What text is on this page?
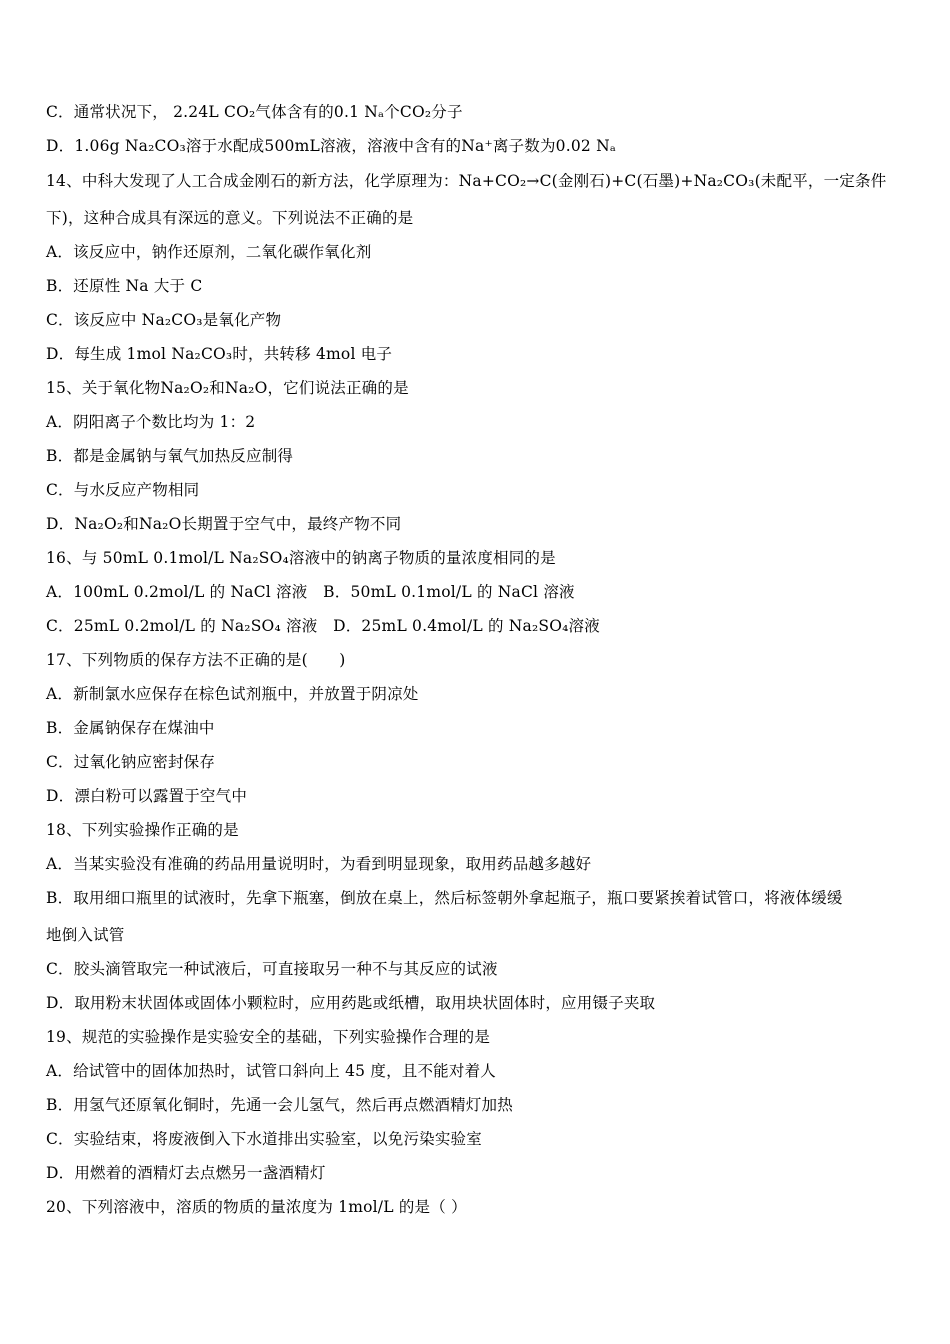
C．通常状况下， 2.24L CO₂气体含有的0.1 Nₐ个CO₂分子
D．1.06g Na₂CO₃溶于水配成500mL溶液，溶液中含有的Na⁺离子数为0.02 Nₐ
14、中科大发现了人工合成金刚石的新方法，化学原理为：Na+CO₂→C(金刚石)+C(石墨)+Na₂CO₃(未配平，一定条件
下)，这种合成具有深远的意义。下列说法不正确的是
A．该反应中，钠作还原剂，二氧化碳作氧化剂
B．还原性 Na 大于 C
C．该反应中 Na₂CO₃是氧化产物
D．每生成 1mol Na₂CO₃时，共转移 4mol 电子
15、关于氧化物Na₂O₂和Na₂O，它们说法正确的是
A．阴阳离子个数比均为 1：2
B．都是金属钠与氧气加热反应制得
C．与水反应产物相同
D．Na₂O₂和Na₂O长期置于空气中，最终产物不同
16、与 50mL 0.1mol/L Na₂SO₄溶液中的钠离子物质的量浓度相同的是
A．100mL 0.2mol/L 的 NaCl 溶液　B．50mL 0.1mol/L 的 NaCl 溶液
C．25mL 0.2mol/L 的 Na₂SO₄ 溶液　D．25mL 0.4mol/L 的 Na₂SO₄溶液
17、下列物质的保存方法不正确的是(　　)
A．新制氯水应保存在棕色试剂瓶中，并放置于阴凉处
B．金属钠保存在煤油中
C．过氧化钠应密封保存
D．漂白粉可以露置于空气中
18、下列实验操作正确的是
A．当某实验没有准确的药品用量说明时，为看到明显现象，取用药品越多越好
B．取用细口瓶里的试液时，先拿下瓶塞，倒放在桌上，然后标签朝外拿起瓶子，瓶口要紧挨着试管口，将液体缓缓
地倒入试管
C．胶头滴管取完一种试液后，可直接取另一种不与其反应的试液
D．取用粉末状固体或固体小颗粒时，应用药匙或纸槽，取用块状固体时，应用镊子夹取
19、规范的实验操作是实验安全的基础，下列实验操作合理的是
A．给试管中的固体加热时，试管口斜向上 45 度，且不能对着人
B．用氢气还原氧化铜时，先通一会儿氢气，然后再点燃酒精灯加热
C．实验结束，将废液倒入下水道排出实验室，以免污染实验室
D．用燃着的酒精灯去点燃另一盏酒精灯
20、下列溶液中，溶质的物质的量浓度为 1mol/L 的是（ ）
